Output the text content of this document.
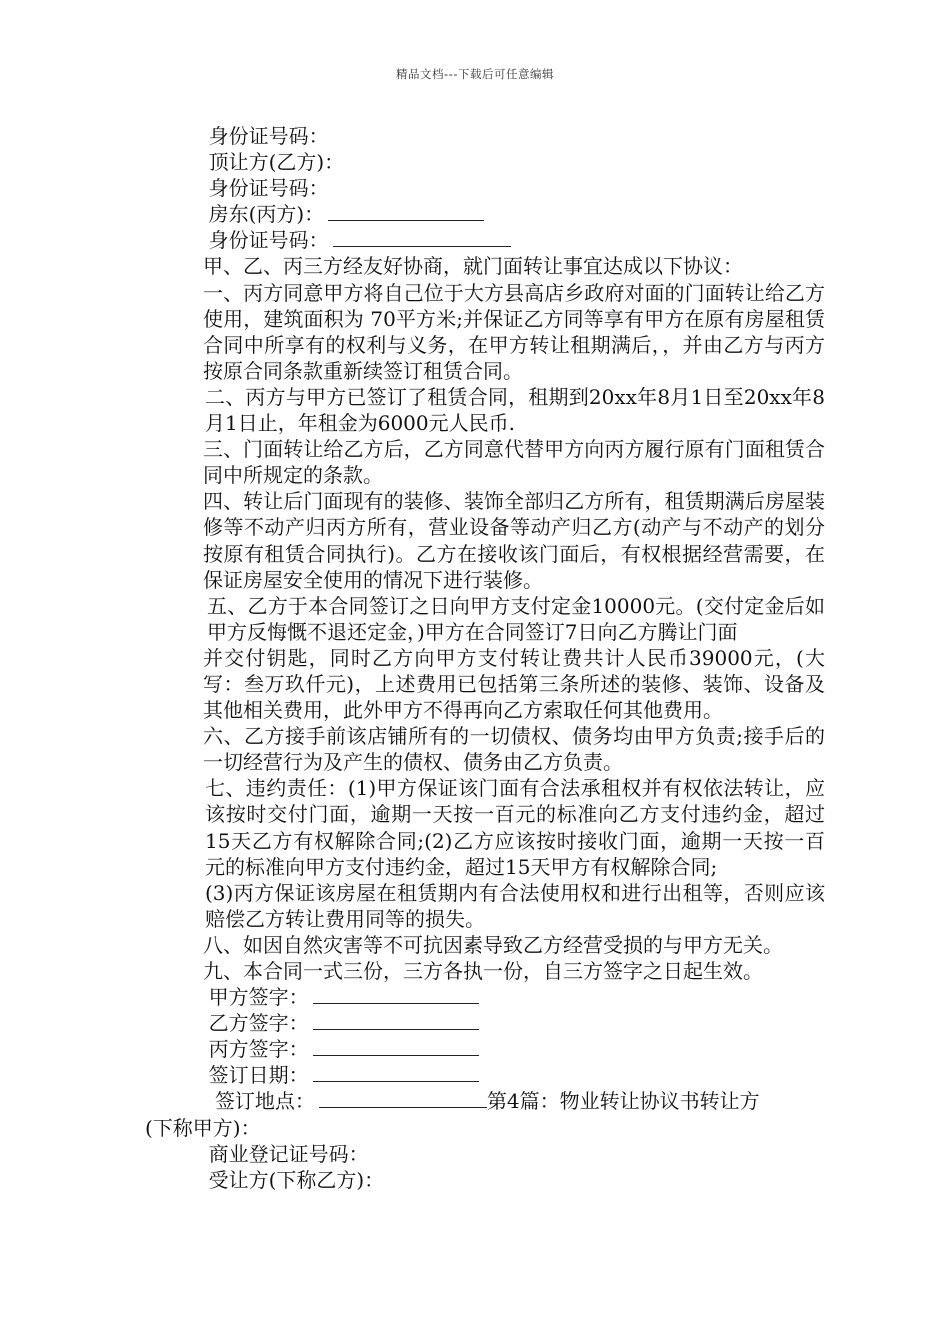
精品文档---下载后可任意编辑
身份证号码：
顶让方(乙方)：
身份证号码：
房东(丙方)：
身份证号码：

甲、乙、丙三方经友好协商，就门面转让事宜达成以下协议：

一、丙方同意甲方将自己位于大方县高店乡政府对面的门面转让给乙方使用，建筑面积为 70平方米;并保证乙方同等享有甲方在原有房屋租赁合同中所享有的权利与义务，在甲方转让租期满后，，并由乙方与丙方按原合同条款重新续签订租赁合同。

二、丙方与甲方已签订了租赁合同，租期到20xx年8月1日至20xx年8月1日止，年租金为6000元人民币.

三、门面转让给乙方后，乙方同意代替甲方向丙方履行原有门面租赁合同中所规定的条款。

四、转让后门面现有的装修、装饰全部归乙方所有，租赁期满后房屋装修等不动产归丙方所有，营业设备等动产归乙方(动产与不动产的划分按原有租赁合同执行)。乙方在接收该门面后，有权根据经营需要，在保证房屋安全使用的情况下进行装修。

五、乙方于本合同签订之日向甲方支付定金10000元。(交付定金后如甲方反悔慨不退还定金，)甲方在合同签订7日向乙方腾让门面

并交付钥匙，同时乙方向甲方支付转让费共计人民币39000元，(大写：叁万玖仟元)，上述费用已包括第三条所述的装修、装饰、设备及其他相关费用，此外甲方不得再向乙方索取任何其他费用。

六、乙方接手前该店铺所有的一切债权、债务均由甲方负责;接手后的一切经营行为及产生的债权、债务由乙方负责。

七、违约责任：(1)甲方保证该门面有合法承租权并有权依法转让，应该按时交付门面，逾期一天按一百元的标准向乙方支付违约金，超过15天乙方有权解除合同;(2)乙方应该按时接收门面，逾期一天按一百元的标准向甲方支付违约金，超过15天甲方有权解除合同;

(3)丙方保证该房屋在租赁期内有合法使用权和进行出租等，否则应该赔偿乙方转让费用同等的损失。

八、如因自然灾害等不可抗因素导致乙方经营受损的与甲方无关。

九、本合同一式三份，三方各执一份，自三方签字之日起生效。

甲方签字：
乙方签字：
丙方签字：
签订日期：
签订地点：	第4篇：物业转让协议书转让方
(下称甲方)：
商业登记证号码：
受让方(下称乙方)：
